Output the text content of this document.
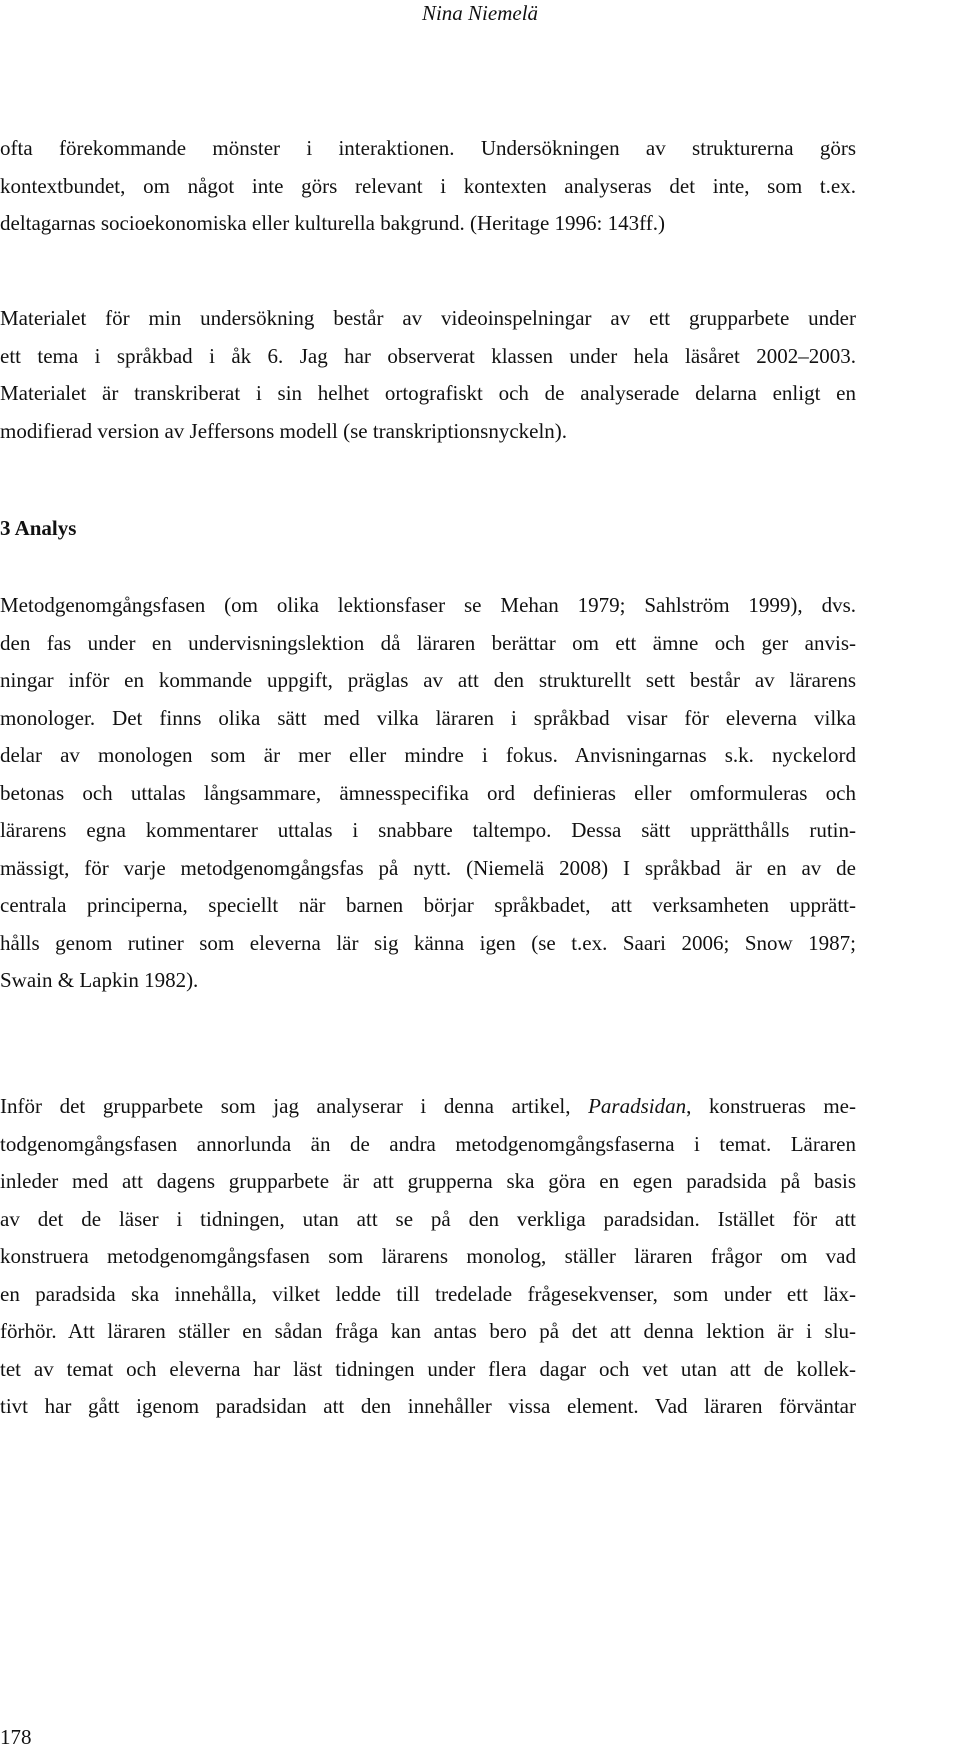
Nina Niemelä
ofta förekommande mönster i interaktionen. Undersökningen av strukturerna görs
kontextbundet, om något inte görs relevant i kontexten analyseras det inte, som t.ex.
deltagarnas socioekonomiska eller kulturella bakgrund. (Heritage 1996: 143ff.)
Materialet för min undersökning består av videoinspelningar av ett grupparbete under
ett tema i språkbad i åk 6. Jag har observerat klassen under hela läsåret 2002–2003.
Materialet är transkriberat i sin helhet ortografiskt och de analyserade delarna enligt en
modifierad version av Jeffersons modell (se transkriptionsnyckeln).
3 Analys
Metodgenomgångsfasen (om olika lektionsfaser se Mehan 1979; Sahlström 1999), dvs.
den fas under en undervisningslektion då läraren berättar om ett ämne och ger anvis-
ningar inför en kommande uppgift, präglas av att den strukturellt sett består av lärarens
monologer. Det finns olika sätt med vilka läraren i språkbad visar för eleverna vilka
delar av monologen som är mer eller mindre i fokus. Anvisningarnas s.k. nyckelord
betonas och uttalas långsammare, ämnesspecifika ord definieras eller omformuleras och
lärarens egna kommentarer uttalas i snabbare taltempo. Dessa sätt upprätthålls rutin-
mässigt, för varje metodgenomgångsfas på nytt. (Niemelä 2008) I språkbad är en av de
centrala principerna, speciellt när barnen börjar språkbadet, att verksamheten upprätt-
hålls genom rutiner som eleverna lär sig känna igen (se t.ex. Saari 2006; Snow 1987;
Swain & Lapkin 1982).
Inför det grupparbete som jag analyserar i denna artikel, Paradsidan, konstrueras me-
todgenomgångsfasen annorlunda än de andra metodgenomgångsfaserna i temat. Läraren
inleder med att dagens grupparbete är att grupperna ska göra en egen paradsida på basis
av det de läser i tidningen, utan att se på den verkliga paradsidan. Istället för att
konstruera metodgenomgångsfasen som lärarens monolog, ställer läraren frågor om vad
en paradsida ska innehålla, vilket ledde till tredelade frågesekvenser, som under ett läx-
förhör. Att läraren ställer en sådan fråga kan antas bero på det att denna lektion är i slu-
tet av temat och eleverna har läst tidningen under flera dagar och vet utan att de kollek-
tivt har gått igenom paradsidan att den innehåller vissa element. Vad läraren förväntar
178
